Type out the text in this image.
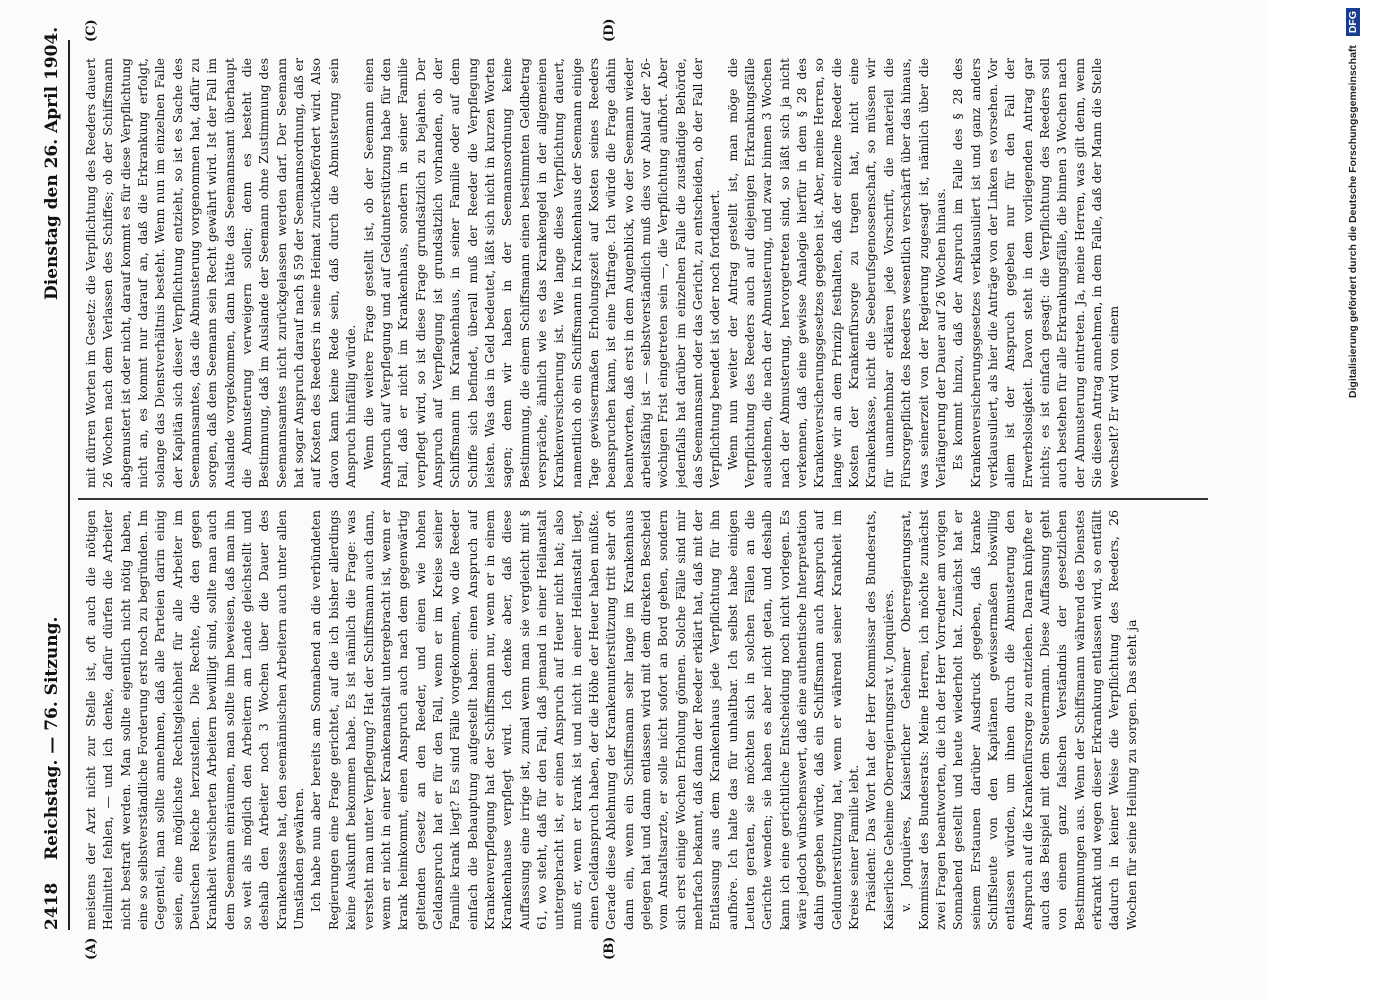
2418
Reichstag. — 76. Sitzung.
Dienstag den 26. April 1904.
(A)	(B)
(C)	(D)

meistens der Arzt nicht zur Stelle ist, oft auch die nötigen Heilmittel fehlen, — und ich denke, dafür dürfen die Arbeiter nicht bestraft werden. Man sollte eigentlich nicht nötig haben, eine so selbstverständliche Forderung erst noch zu begründen. Im Gegenteil, man sollte annehmen, daß alle Parteien darin einig seien, eine möglichste Rechtsgleichheit für alle Arbeiter im Deutschen Reiche herzustellen. Die Rechte, die den gegen Krankheit versicherten Arbeitern bewilligt sind, sollte man auch dem Seemann einräumen, man sollte ihm beweisen, daß man ihn so weit als möglich den Arbeitern am Lande gleichstellt und deshalb den Arbeiter noch 3 Wochen über die Dauer des Krankenkasse hat, den seemännischen Arbeitern auch unter allen Umständen gewähren. Ich habe nun aber bereits am Sonnabend an die verbündeten Regierungen eine Frage gerichtet, auf die ich bisher allerdings keine Auskunft bekommen habe. Es ist nämlich die Frage: was versteht man unter Verpflegung? Hat der Schiffsmann auch dann, wenn er nicht in einer Krankenanstalt untergebracht ist, wenn er krank heimkommt, einen Anspruch auch nach dem gegenwärtig geltenden Gesetz an den Reeder, und einen wie hohen Geldanspruch hat er für den Fall, wenn er im Kreise seiner Familie krank liegt? Es sind Fälle vorgekommen, wo die Reeder einfach die Behauptung aufgestellt haben: einen Anspruch auf Krankenverpflegung hat der Schiffsmann nur, wenn er in einem Krankenhause verpflegt wird. Ich denke aber, daß diese Auffassung eine irrige ist, zumal wenn man sie vergleicht mit § 61, wo steht, daß für den Fall, daß jemand in einer Heilanstalt untergebracht ist, er einen Anspruch auf Heuer nicht hat; also muß er, wenn er krank ist und nicht in einer Heilanstalt liegt, einen Geldanspruch haben, der die Höhe der Heuer haben müßte. Gerade diese Ablehnung der Krankenunterstützung tritt sehr oft dann ein, wenn ein Schiffsmann sehr lange im Krankenhaus gelegen hat und dann entlassen wird mit dem direkten Bescheid vom Anstaltsarzte, er solle nicht sofort an Bord gehen, sondern sich erst einige Wochen Erholung gönnen. Solche Fälle sind mir mehrfach bekannt, daß dann der Reeder erklärt hat, daß mit der Entlassung aus dem Krankenhaus jede Verpflichtung für ihn aufhöre. Ich halte das für unhaltbar. Ich selbst habe einigen Leuten geraten, sie möchten sich in solchen Fällen an die Gerichte wenden; sie haben es aber nicht getan, und deshalb kann ich eine gerichtliche Entscheidung noch nicht vorlegen. Es wäre jedoch wünschenswert, daß eine authentische Interpretation dahin gegeben würde, daß ein Schiffsmann auch Anspruch auf Geldunterstützung hat, wenn er während seiner Krankheit im Kreise seiner Familie lebt. Präsident: Das Wort hat der Herr Kommissar des Bundesrats, Kaiserliche Geheime Oberregierungsrat v. Jonquières. v. Jonquières, Kaiserlicher Geheimer Oberregierungsrat, Kommissar des Bundesrats: Meine Herren, ich möchte zunächst zwei Fragen beantworten, die ich der Herr Vorredner am vorigen Sonnabend gestellt und heute wiederholt hat. Zunächst hat er seinem Erstaunen darüber Ausdruck gegeben, daß kranke Schiffsleute von den Kapitänen gewissermaßen böswillig entlassen würden, um ihnen durch die Abmusterung den Anspruch auf die Krankenfürsorge zu entziehen. Daran knüpfte er auch das Beispiel mit dem Steuermann. Diese Auffassung geht von einem ganz falschen Verständnis der gesetzlichen Bestimmungen aus. Wenn der Schiffsmann während des Dienstes erkrankt und wegen dieser Erkrankung entlassen wird, so entfällt dadurch in keiner Weise die Verpflichtung des Reeders, 26 Wochen für seine Heilung zu sorgen. Das steht ja

mit dürren Worten im Gesetz: die Verpflichtung des Reeders dauert 26 Wochen nach dem Verlassen des Schiffes; ob der Schiffsmann abgemustert ist oder nicht, darauf kommt es für diese Verpflichtung nicht an, es kommt nur darauf an, daß die Erkrankung erfolgt, solange das Dienstverhältnis besteht. Wenn nun im einzelnen Falle der Kapitän sich dieser Verpflichtung entzieht, so ist es Sache des Seemannsamtes, das die Abmusterung vorgenommen hat, dafür zu sorgen, daß dem Seemann sein Recht gewährt wird. Ist der Fall im Auslande vorgekommen, dann hätte das Seemannsamt überhaupt die Abmusterung verweigern sollen; denn es besteht die Bestimmung, daß im Auslande der Seemann ohne Zustimmung des Seemannsamtes nicht zurückgelassen werden darf. Der Seemann hat sogar Anspruch darauf nach § 59 der Seemannsordnung, daß er auf Kosten des Reeders in seine Heimat zurückbefördert wird. Also davon kann keine Rede sein, daß durch die Abmusterung sein Anspruch hinfällig würde. Wenn die weitere Frage gestellt ist, ob der Seemann einen Anspruch auf Verpflegung und auf Geldunterstützung habe für den Fall, daß er nicht im Krankenhaus, sondern in seiner Familie verpflegt wird, so ist diese Frage grundsätzlich zu bejahen. Der Anspruch auf Verpflegung ist grundsätzlich vorhanden, ob der Schiffsmann im Krankenhaus, in seiner Familie oder auf dem Schiffe sich befindet, überall muß der Reeder die Verpflegung leisten. Was das in Geld bedeutet, läßt sich nicht in kurzen Worten sagen; denn wir haben in der Seemannsordnung keine Bestimmung, die einem Schiffsmann einen bestimmten Geldbetrag verspräche, ähnlich wie es das Krankengeld in der allgemeinen Krankenversicherung ist. Wie lange diese Verpflichtung dauert, namentlich ob ein Schiffsmann in Krankenhaus der Seemann einige Tage gewissermaßen Erholungszeit auf Kosten seines Reeders beanspruchen kann, ist eine Tatfrage. Ich würde die Frage dahin beantworten, daß erst in dem Augenblick, wo der Seemann wieder arbeitsfähig ist — selbstverständlich muß dies vor Ablauf der 26-wöchigen Frist eingetreten sein —, die Verpflichtung aufhört. Aber jedenfalls hat darüber im einzelnen Falle die zuständige Behörde, das Seemannsamt oder das Gericht, zu entscheiden, ob der Fall der Verpflichtung beendet ist oder noch fortdauert. Wenn nun weiter der Antrag gestellt ist, man möge die Verpflichtung des Reeders auch auf diejenigen Erkrankungsfälle ausdehnen, die nach der Abmusterung, und zwar binnen 3 Wochen nach der Abmusterung, hervorgetreten sind, so läßt sich ja nicht verkennen, daß eine gewisse Analogie hierfür in dem § 28 des Krankenversicherungsgesetzes gegeben ist. Aber, meine Herren, so lange wir an dem Prinzip festhalten, daß der einzelne Reeder die Kosten der Krankenfürsorge zu tragen hat, nicht eine Krankenkasse, nicht die Seeberufsgenossenschaft, so müssen wir für unannehmbar erklären jede Vorschrift, die materiell die Fürsorgepflicht des Reeders wesentlich verschärft über das hinaus, was seinerzeit von der Regierung zugesagt ist, nämlich über die Verlängerung der Dauer auf 26 Wochen hinaus. Es kommt hinzu, daß der Anspruch im Falle des § 28 des Krankenversicherungsgesetzes verklausuliert ist und ganz anders verklausuliert, als hier die Anträge von der Linken es vorsehen. Vor allem ist der Anspruch gegeben nur für den Fall der Erwerbslosigkeit. Davon steht in dem vorliegenden Antrag gar nichts; es ist einfach gesagt: die Verpflichtung des Reeders soll auch bestehen für alle Erkrankungsfälle, die binnen 3 Wochen nach der Abmusterung eintreten. Ja, meine Herren, was gilt denn, wenn Sie diesen Antrag annehmen, in dem Falle, daß der Mann die Stelle wechselt? Er wird von einem	Digitalisierung gefördert durch die Deutsche Forschungsgemeinschaft DFG
